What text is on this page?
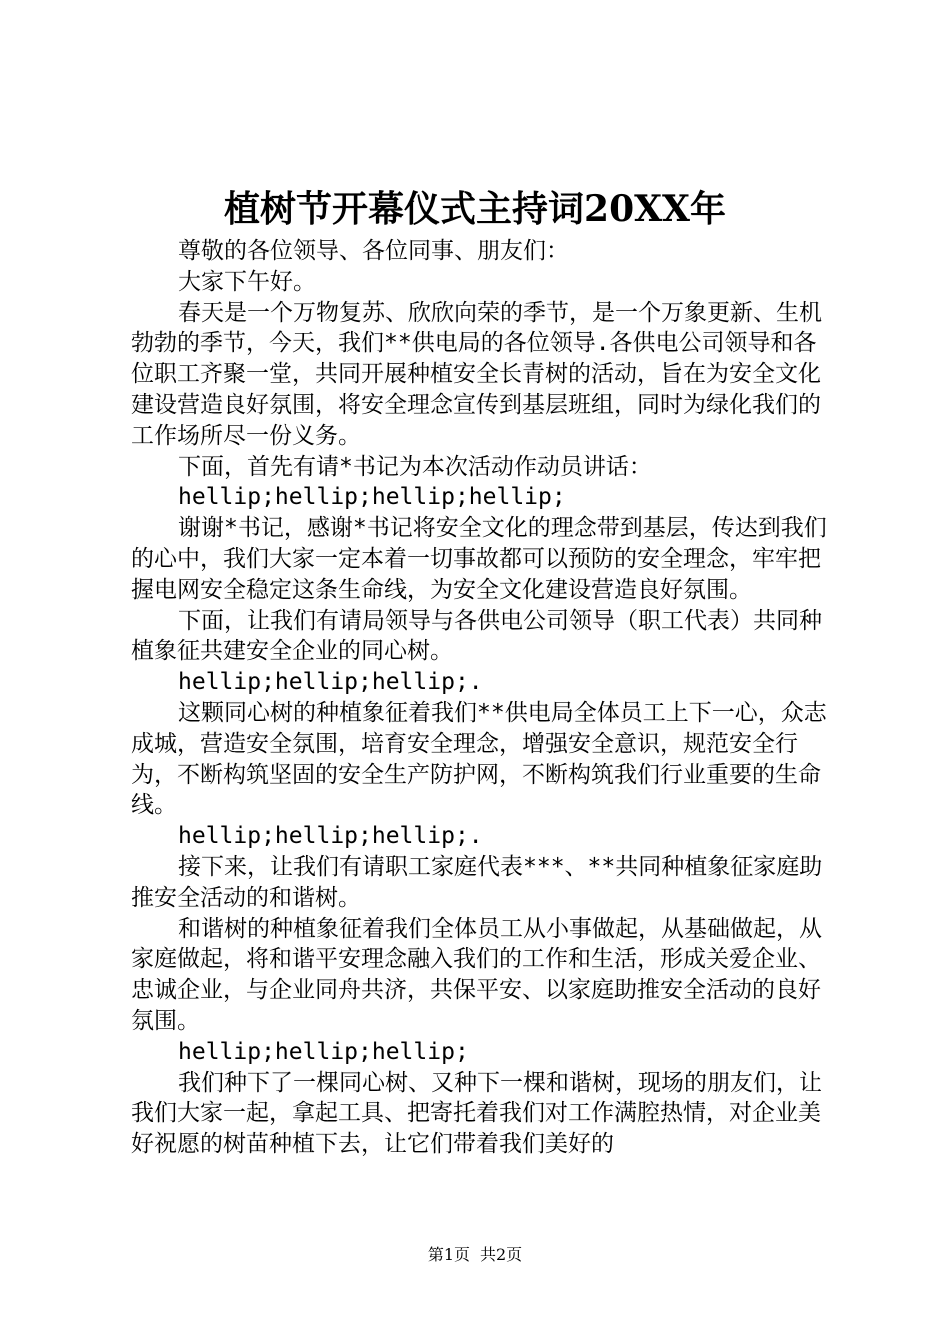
植树节开幕仪式主持词20XX年

尊敬的各位领导、各位同事、朋友们：

大家下午好。

春天是一个万物复苏、欣欣向荣的季节，是一个万象更新、生机勃勃的季节，今天，我们**供电局的各位领导.各供电公司领导和各位职工齐聚一堂，共同开展种植安全长青树的活动，旨在为安全文化建设营造良好氛围，将安全理念宣传到基层班组，同时为绿化我们的工作场所尽一份义务。

下面，首先有请*书记为本次活动作动员讲话：

hellip;hellip;hellip;hellip;

谢谢*书记，感谢*书记将安全文化的理念带到基层，传达到我们的心中，我们大家一定本着一切事故都可以预防的安全理念，牢牢把握电网安全稳定这条生命线，为安全文化建设营造良好氛围。

下面，让我们有请局领导与各供电公司领导（职工代表）共同种植象征共建安全企业的同心树。

hellip;hellip;hellip;.

这颗同心树的种植象征着我们**供电局全体员工上下一心，众志成城，营造安全氛围，培育安全理念，增强安全意识，规范安全行为，不断构筑坚固的安全生产防护网，不断构筑我们行业重要的生命线。

hellip;hellip;hellip;.

接下来，让我们有请职工家庭代表***、**共同种植象征家庭助推安全活动的和谐树。

和谐树的种植象征着我们全体员工从小事做起，从基础做起，从家庭做起，将和谐平安理念融入我们的工作和生活，形成关爱企业、忠诚企业，与企业同舟共济，共保平安、以家庭助推安全活动的良好氛围。

hellip;hellip;hellip;

我们种下了一棵同心树、又种下一棵和谐树，现场的朋友们，让我们大家一起，拿起工具、把寄托着我们对工作满腔热情，对企业美好祝愿的树苗种植下去，让它们带着我们美好的

第1页 共2页
